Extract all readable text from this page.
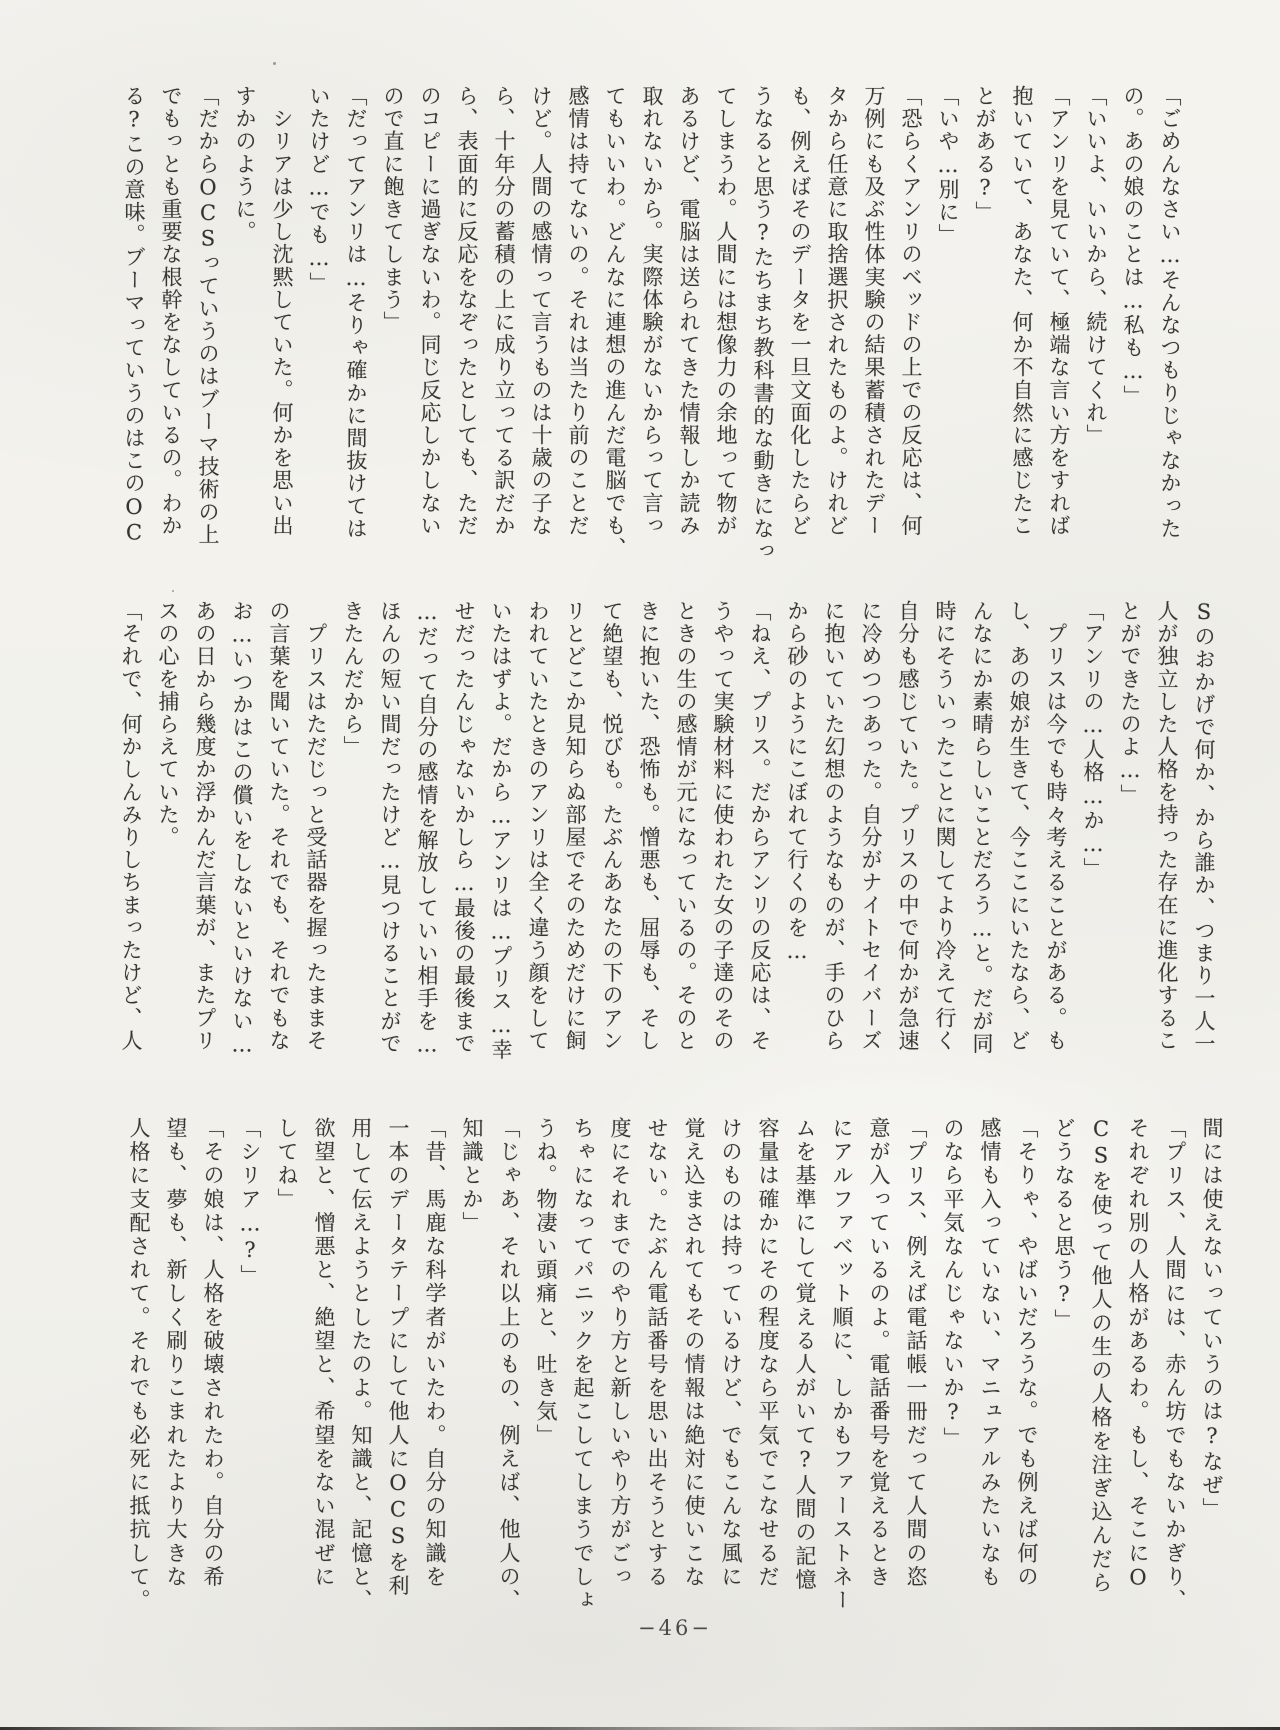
「ごめんなさい…そんなつもりじゃなかった
の。あの娘のことは…私も…」
「いいよ、いいから、続けてくれ」
「アンリを見ていて、極端な言い方をすれば
抱いていて、あなた、何か不自然に感じたこ
とがある?」
「いや…別に」
「恐らくアンリのベッドの上での反応は、何
万例にも及ぶ性体実験の結果蓄積されたデー
タから任意に取捨選択されたものよ。けれど
も、例えばそのデータを一旦文面化したらど
うなると思う?たちまち教科書的な動きになっ
てしまうわ。人間には想像力の余地って物が
あるけど、電脳は送られてきた情報しか読み
取れないから。実際体験がないからって言っ
てもいいわ。どんなに連想の進んだ電脳でも、
感情は持てないの。それは当たり前のことだ
けど。人間の感情って言うものは十歳の子な
ら、十年分の蓄積の上に成り立ってる訳だか
ら、表面的に反応をなぞったとしても、ただ
のコピーに過ぎないわ。同じ反応しかしない
ので直に飽きてしまう」
「だってアンリは…そりゃ確かに間抜けては
いたけど…でも…」
　シリアは少し沈黙していた。何かを思い出
すかのように。
「だからOCSっていうのはブーマ技術の上
でもっとも重要な根幹をなしているの。わか
る?この意味。ブーマっていうのはこのOC
Sのおかげで何か、から誰か、つまり一人一
人が独立した人格を持った存在に進化するこ
とができたのよ…」
「アンリの…人格…か…」
　プリスは今でも時々考えることがある。も
し、あの娘が生きて、今ここにいたなら、ど
んなにか素晴らしいことだろう…と。だが同
時にそういったことに関してより冷えて行く
自分も感じていた。プリスの中で何かが急速
に冷めつつあった。自分がナイトセイバーズ
に抱いていた幻想のようなものが、手のひら
から砂のようにこぼれて行くのを…
「ねえ、プリス。だからアンリの反応は、そ
うやって実験材料に使われた女の子達のその
ときの生の感情が元になっているの。そのと
きに抱いた、恐怖も。憎悪も、屈辱も、そし
て絶望も、悦びも。たぶんあなたの下のアン
リとどこか見知らぬ部屋でそのためだけに飼
われていたときのアンリは全く違う顔をして
いたはずよ。だから…アンリは…プリス…幸
せだったんじゃないかしら…最後の最後まで
…だって自分の感情を解放していい相手を…
ほんの短い間だったけど…見つけることがで
きたんだから」
　プリスはただじっと受話器を握ったままそ
の言葉を聞いていた。それでも、それでもな
お…いつかはこの償いをしないといけない…
あの日から幾度か浮かんだ言葉が、またプリ
スの心を捕らえていた。
「それで、何かしんみりしちまったけど、人
間には使えないっていうのは?なぜ」
「プリス、人間には、赤ん坊でもないかぎり、
それぞれ別の人格があるわ。もし、そこにO
CSを使って他人の生の人格を注ぎ込んだら
どうなると思う?」
「そりゃ、やばいだろうな。でも例えば何の
感情も入っていない、マニュアルみたいなも
のなら平気なんじゃないか?」
「プリス、例えば電話帳一冊だって人間の恣
意が入っているのよ。電話番号を覚えるとき
にアルファベット順に、しかもファーストネー
ムを基準にして覚える人がいて?人間の記憶
容量は確かにその程度なら平気でこなせるだ
けのものは持っているけど、でもこんな風に
覚え込まされてもその情報は絶対に使いこな
せない。たぶん電話番号を思い出そうとする
度にそれまでのやり方と新しいやり方がごっ
ちゃになってパニックを起こしてしまうでしょ
うね。物凄い頭痛と、吐き気」
「じゃあ、それ以上のもの、例えば、他人の、
知識とか」
「昔、馬鹿な科学者がいたわ。自分の知識を
一本のデータテープにして他人にOCSを利
用して伝えようとしたのよ。知識と、記憶と、
欲望と、憎悪と、絶望と、希望をない混ぜに
してね」
「シリア…?」
「その娘は、人格を破壊されたわ。自分の希
望も、夢も、新しく刷りこまれたより大きな
人格に支配されて。それでも必死に抵抗して。
−46−
